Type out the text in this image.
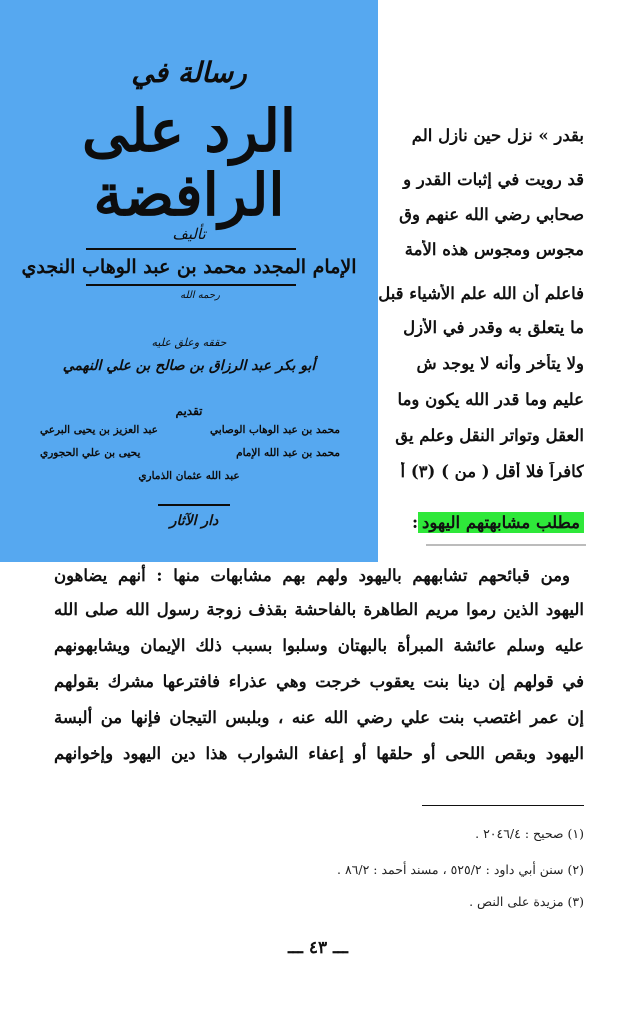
بقدر » نزل حين نازل الم
قد رويت في إثبات القدر و
صحابي رضي الله عنهم وق
مجوس ومجوس هذه الأمة
فاعلم أن الله علم الأشياء قبل
ما يتعلق به وقدر في الأزل
ولا يتأخر وأنه لا يوجد ش
عليم وما قدر الله يكون وما
العقل وتواتر النقل وعلم يق
كافراً فلا أقل ( من ) (٣) أ
مطلب مشابهتهم اليهود:
ومن قبائحهم تشابههم باليهود ولهم بهم مشابهات منها : أنهم يضاهون
اليهود الذين رموا مريم الطاهرة بالفاحشة بقذف زوجة رسول الله صلى الله
عليه وسلم عائشة المبرأة بالبهتان وسلبوا بسبب ذلك الإيمان ويشابهونهم
في قولهم إن دينا بنت يعقوب خرجت وهي عذراء فافترعها مشرك بقولهم
إن عمر اغتصب بنت علي رضي الله عنه ، وبلبس التيجان فإنها من ألبسة
اليهود وبقص اللحى أو حلقها أو إعفاء الشوارب هذا دين اليهود وإخوانهم
(١) صحيح : ٢٠٤٦/٤ .
(٢) سنن أبي داود : ٥٢٥/٢ ، مسند أحمد : ٨٦/٢ .
(٣) مزيدة على النص .
ـــ ٤٣ ـــ
رسالة في
الرد على الرافضة
تأليف
الإمام المجدد محمد بن عبد الوهاب النجدي
رحمه الله
حققه وعلق عليه
أبو بكر عبد الرزاق بن صالح بن علي النهمي
تقديم
محمد بن عبد الوهاب الوصابي
عبد العزيز بن يحيى البرعي
محمد بن عبد الله الإمام
يحيى بن علي الحجوري
عبد الله عثمان الذماري
دار الآثار
